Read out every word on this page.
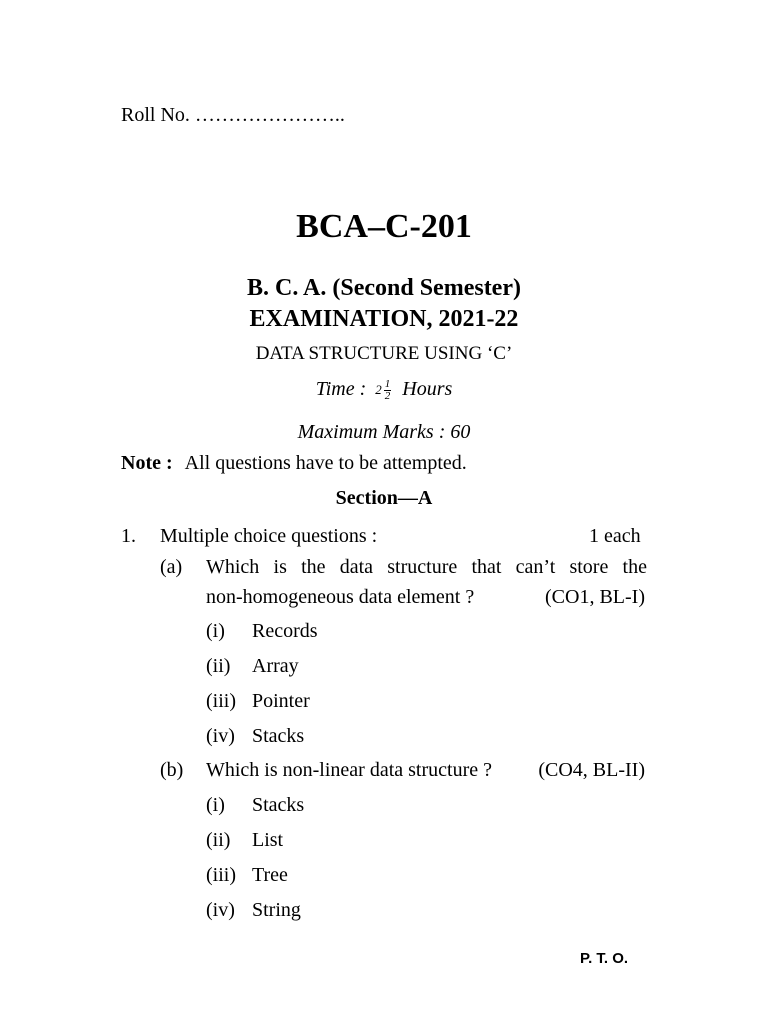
Roll No. …………………..
BCA–C-201
B. C. A. (Second Semester)
EXAMINATION, 2021-22
DATA STRUCTURE USING ‘C’
Time : $2 \frac{1}{2}$ Hours
Maximum Marks : 60
Note : All questions have to be attempted.
Section—A
1. Multiple choice questions :	1 each
(a) Which is the data structure that can’t store the
non-homogeneous data element ?	(CO1, BL-I)
(i) Records
(ii) Array
(iii) Pointer
(iv) Stacks
(b) Which is non-linear data structure ? (CO4, BL-II)
(i) Stacks
(ii) List
(iii) Tree
(iv) String
P. T. O.
